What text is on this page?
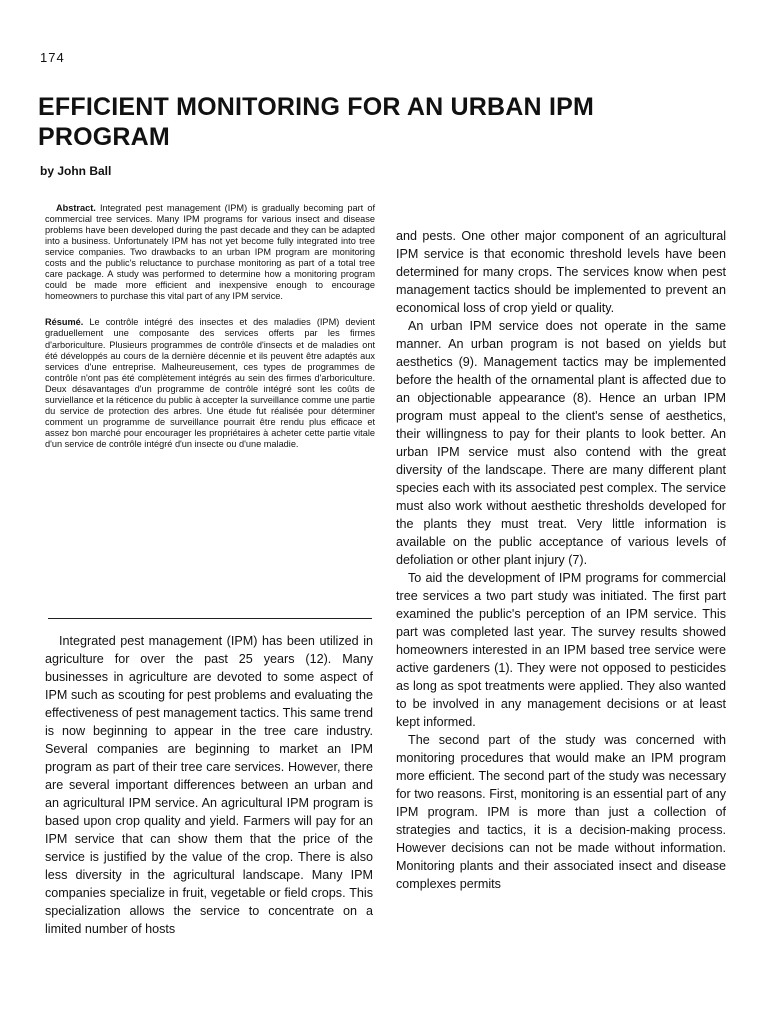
174
EFFICIENT MONITORING FOR AN URBAN IPM PROGRAM
by John Ball

Abstract. Integrated pest management (IPM) is gradually becoming part of commercial tree services. Many IPM programs for various insect and disease problems have been developed during the past decade and they can be adapted into a business. Unfortunately IPM has not yet become fully integrated into tree service companies. Two drawbacks to an urban IPM program are monitoring costs and the public's reluctance to purchase monitoring as part of a total tree care package. A study was performed to determine how a monitoring program could be made more efficient and inexpensive enough to encourage homeowners to purchase this vital part of any IPM service.

Résumé. Le contrôle intégré des insectes et des maladies (IPM) devient graduellement une composante des services offerts par les firmes d'arboriculture. Plusieurs programmes de contrôle d'insects et de maladies ont été développés au cours de la dernière décennie et ils peuvent être adaptés aux services d'une entreprise. Malheureusement, ces types de programmes de contrôle n'ont pas été complètement intégrés au sein des firmes d'arboriculture. Deux désavantages d'un programme de contrôle intégré sont les coûts de surviellance et la réticence du public à accepter la surveillance comme une partie du service de protection des arbres. Une étude fut réalisée pour déterminer comment un programme de surveillance pourrait être rendu plus efficace et assez bon marché pour encourager les propriétaires à acheter cette partie vitale d'un service de contrôle intégré d'un insecte ou d'une maladie.

Integrated pest management (IPM) has been utilized in agriculture for over the past 25 years (12). Many businesses in agriculture are devoted to some aspect of IPM such as scouting for pest problems and evaluating the effectiveness of pest management tactics. This same trend is now beginning to appear in the tree care industry. Several companies are beginning to market an IPM program as part of their tree care services. However, there are several important differences between an urban and an agricultural IPM service. An agricultural IPM program is based upon crop quality and yield. Farmers will pay for an IPM service that can show them that the price of the service is justified by the value of the crop. There is also less diversity in the agricultural landscape. Many IPM companies specialize in fruit, vegetable or field crops. This specialization allows the service to concentrate on a limited number of hosts

and pests. One other major component of an agricultural IPM service is that economic threshold levels have been determined for many crops. The services know when pest management tactics should be implemented to prevent an economical loss of crop yield or quality.

An urban IPM service does not operate in the same manner. An urban program is not based on yields but aesthetics (9). Management tactics may be implemented before the health of the ornamental plant is affected due to an objectionable appearance (8). Hence an urban IPM program must appeal to the client's sense of aesthetics, their willingness to pay for their plants to look better. An urban IPM service must also contend with the great diversity of the landscape. There are many different plant species each with its associated pest complex. The service must also work without aesthetic thresholds developed for the plants they must treat. Very little information is available on the public acceptance of various levels of defoliation or other plant injury (7).

To aid the development of IPM programs for commercial tree services a two part study was initiated. The first part examined the public's perception of an IPM service. This part was completed last year. The survey results showed homeowners interested in an IPM based tree service were active gardeners (1). They were not opposed to pesticides as long as spot treatments were applied. They also wanted to be involved in any management decisions or at least kept informed.

The second part of the study was concerned with monitoring procedures that would make an IPM program more efficient. The second part of the study was necessary for two reasons. First, monitoring is an essential part of any IPM program. IPM is more than just a collection of strategies and tactics, it is a decision-making process. However decisions can not be made without information. Monitoring plants and their associated insect and disease complexes permits
